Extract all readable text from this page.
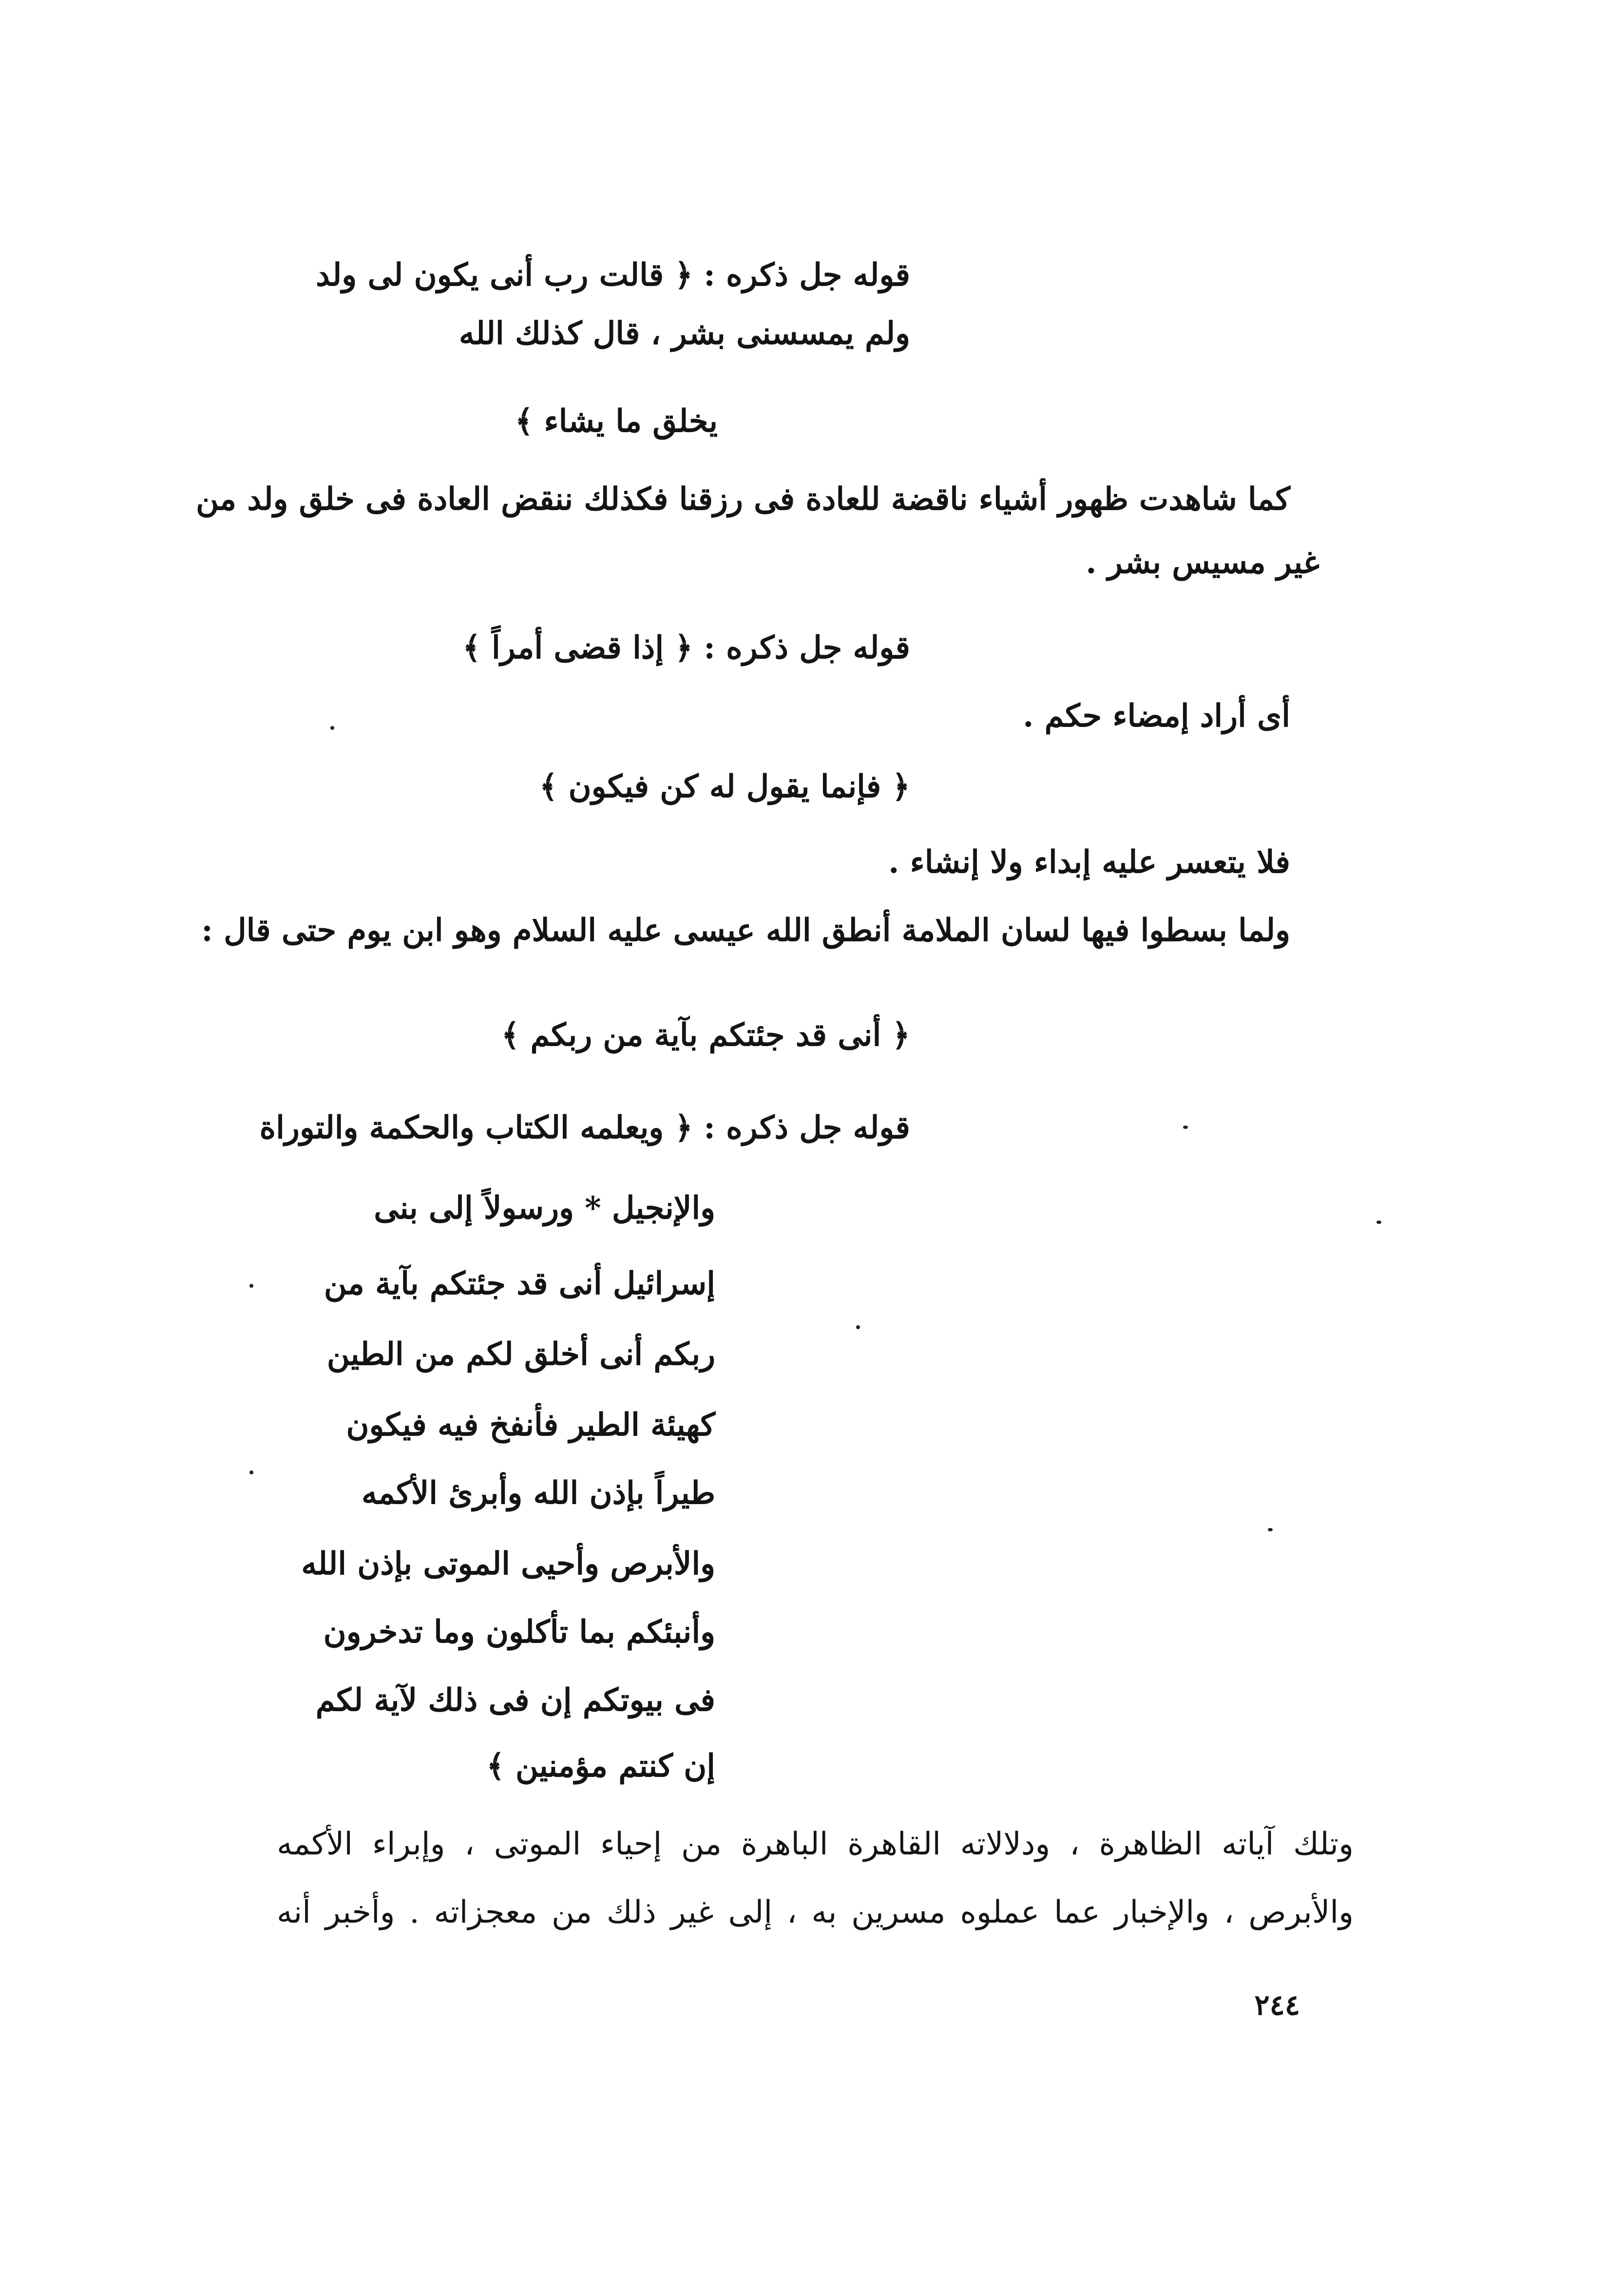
قوله جل ذكره : ﴿ قالت رب أنى يكون لى ولد
ولم يمسسنى بشر ، قال كذلك الله
يخلق ما يشاء ﴾
كما شاهدت ظهور أشياء ناقضة للعادة فى رزقنا فكذلك ننقض العادة فى خلق ولد من
غير مسيس بشر .
قوله جل ذكره : ﴿ إذا قضى أمراً ﴾
أى أراد إمضاء حكم .
﴿ فإنما يقول له كن فيكون ﴾
فلا يتعسر عليه إبداء ولا إنشاء .
ولما بسطوا فيها لسان الملامة أنطق الله عيسى عليه السلام وهو ابن يوم حتى قال :
﴿ أنى قد جئتكم بآية من ربكم ﴾
قوله جل ذكره : ﴿ ويعلمه الكتاب والحكمة والتوراة
والإنجيل * ورسولاً إلى بنى
إسرائيل أنى قد جئتكم بآية من
ربكم أنى أخلق لكم من الطين
كهيئة الطير فأنفخ فيه فيكون
طيراً بإذن الله وأبرئ الأكمه
والأبرص وأحيى الموتى بإذن الله
وأنبئكم بما تأكلون وما تدخرون
فى بيوتكم إن فى ذلك لآية لكم
إن كنتم مؤمنين ﴾
وتلك آياته الظاهرة ، ودلالاته القاهرة الباهرة من إحياء الموتى ، وإبراء الأكمه
والأبرص ، والإخبار عما عملوه مسرين به ، إلى غير ذلك من معجزاته . وأخبر أنه
٢٤٤
